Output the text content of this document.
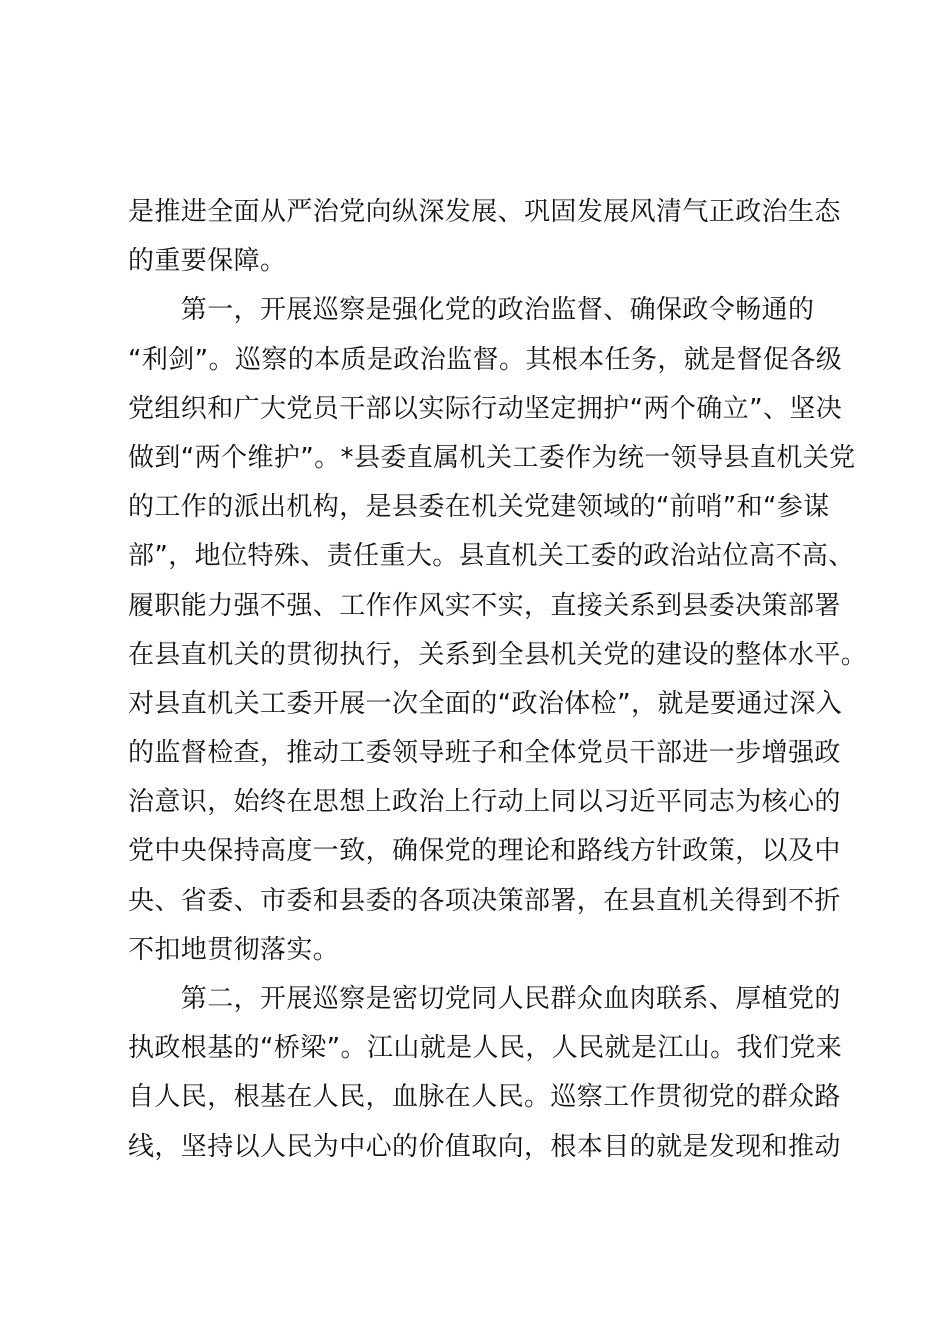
是推进全面从严治党向纵深发展、巩固发展风清气正政治生态
的重要保障。
　　第一，开展巡察是强化党的政治监督、确保政令畅通的
“利剑”。巡察的本质是政治监督。其根本任务，就是督促各级
党组织和广大党员干部以实际行动坚定拥护“两个确立”、坚决
做到“两个维护”。*县委直属机关工委作为统一领导县直机关党
的工作的派出机构，是县委在机关党建领域的“前哨”和“参谋
部”，地位特殊、责任重大。县直机关工委的政治站位高不高、
履职能力强不强、工作作风实不实，直接关系到县委决策部署
在县直机关的贯彻执行，关系到全县机关党的建设的整体水平。
对县直机关工委开展一次全面的“政治体检”，就是要通过深入
的监督检查，推动工委领导班子和全体党员干部进一步增强政
治意识，始终在思想上政治上行动上同以习近平同志为核心的
党中央保持高度一致，确保党的理论和路线方针政策，以及中
央、省委、市委和县委的各项决策部署，在县直机关得到不折
不扣地贯彻落实。
　　第二，开展巡察是密切党同人民群众血肉联系、厚植党的
执政根基的“桥梁”。江山就是人民，人民就是江山。我们党来
自人民，根基在人民，血脉在人民。巡察工作贯彻党的群众路
线，坚持以人民为中心的价值取向，根本目的就是发现和推动
